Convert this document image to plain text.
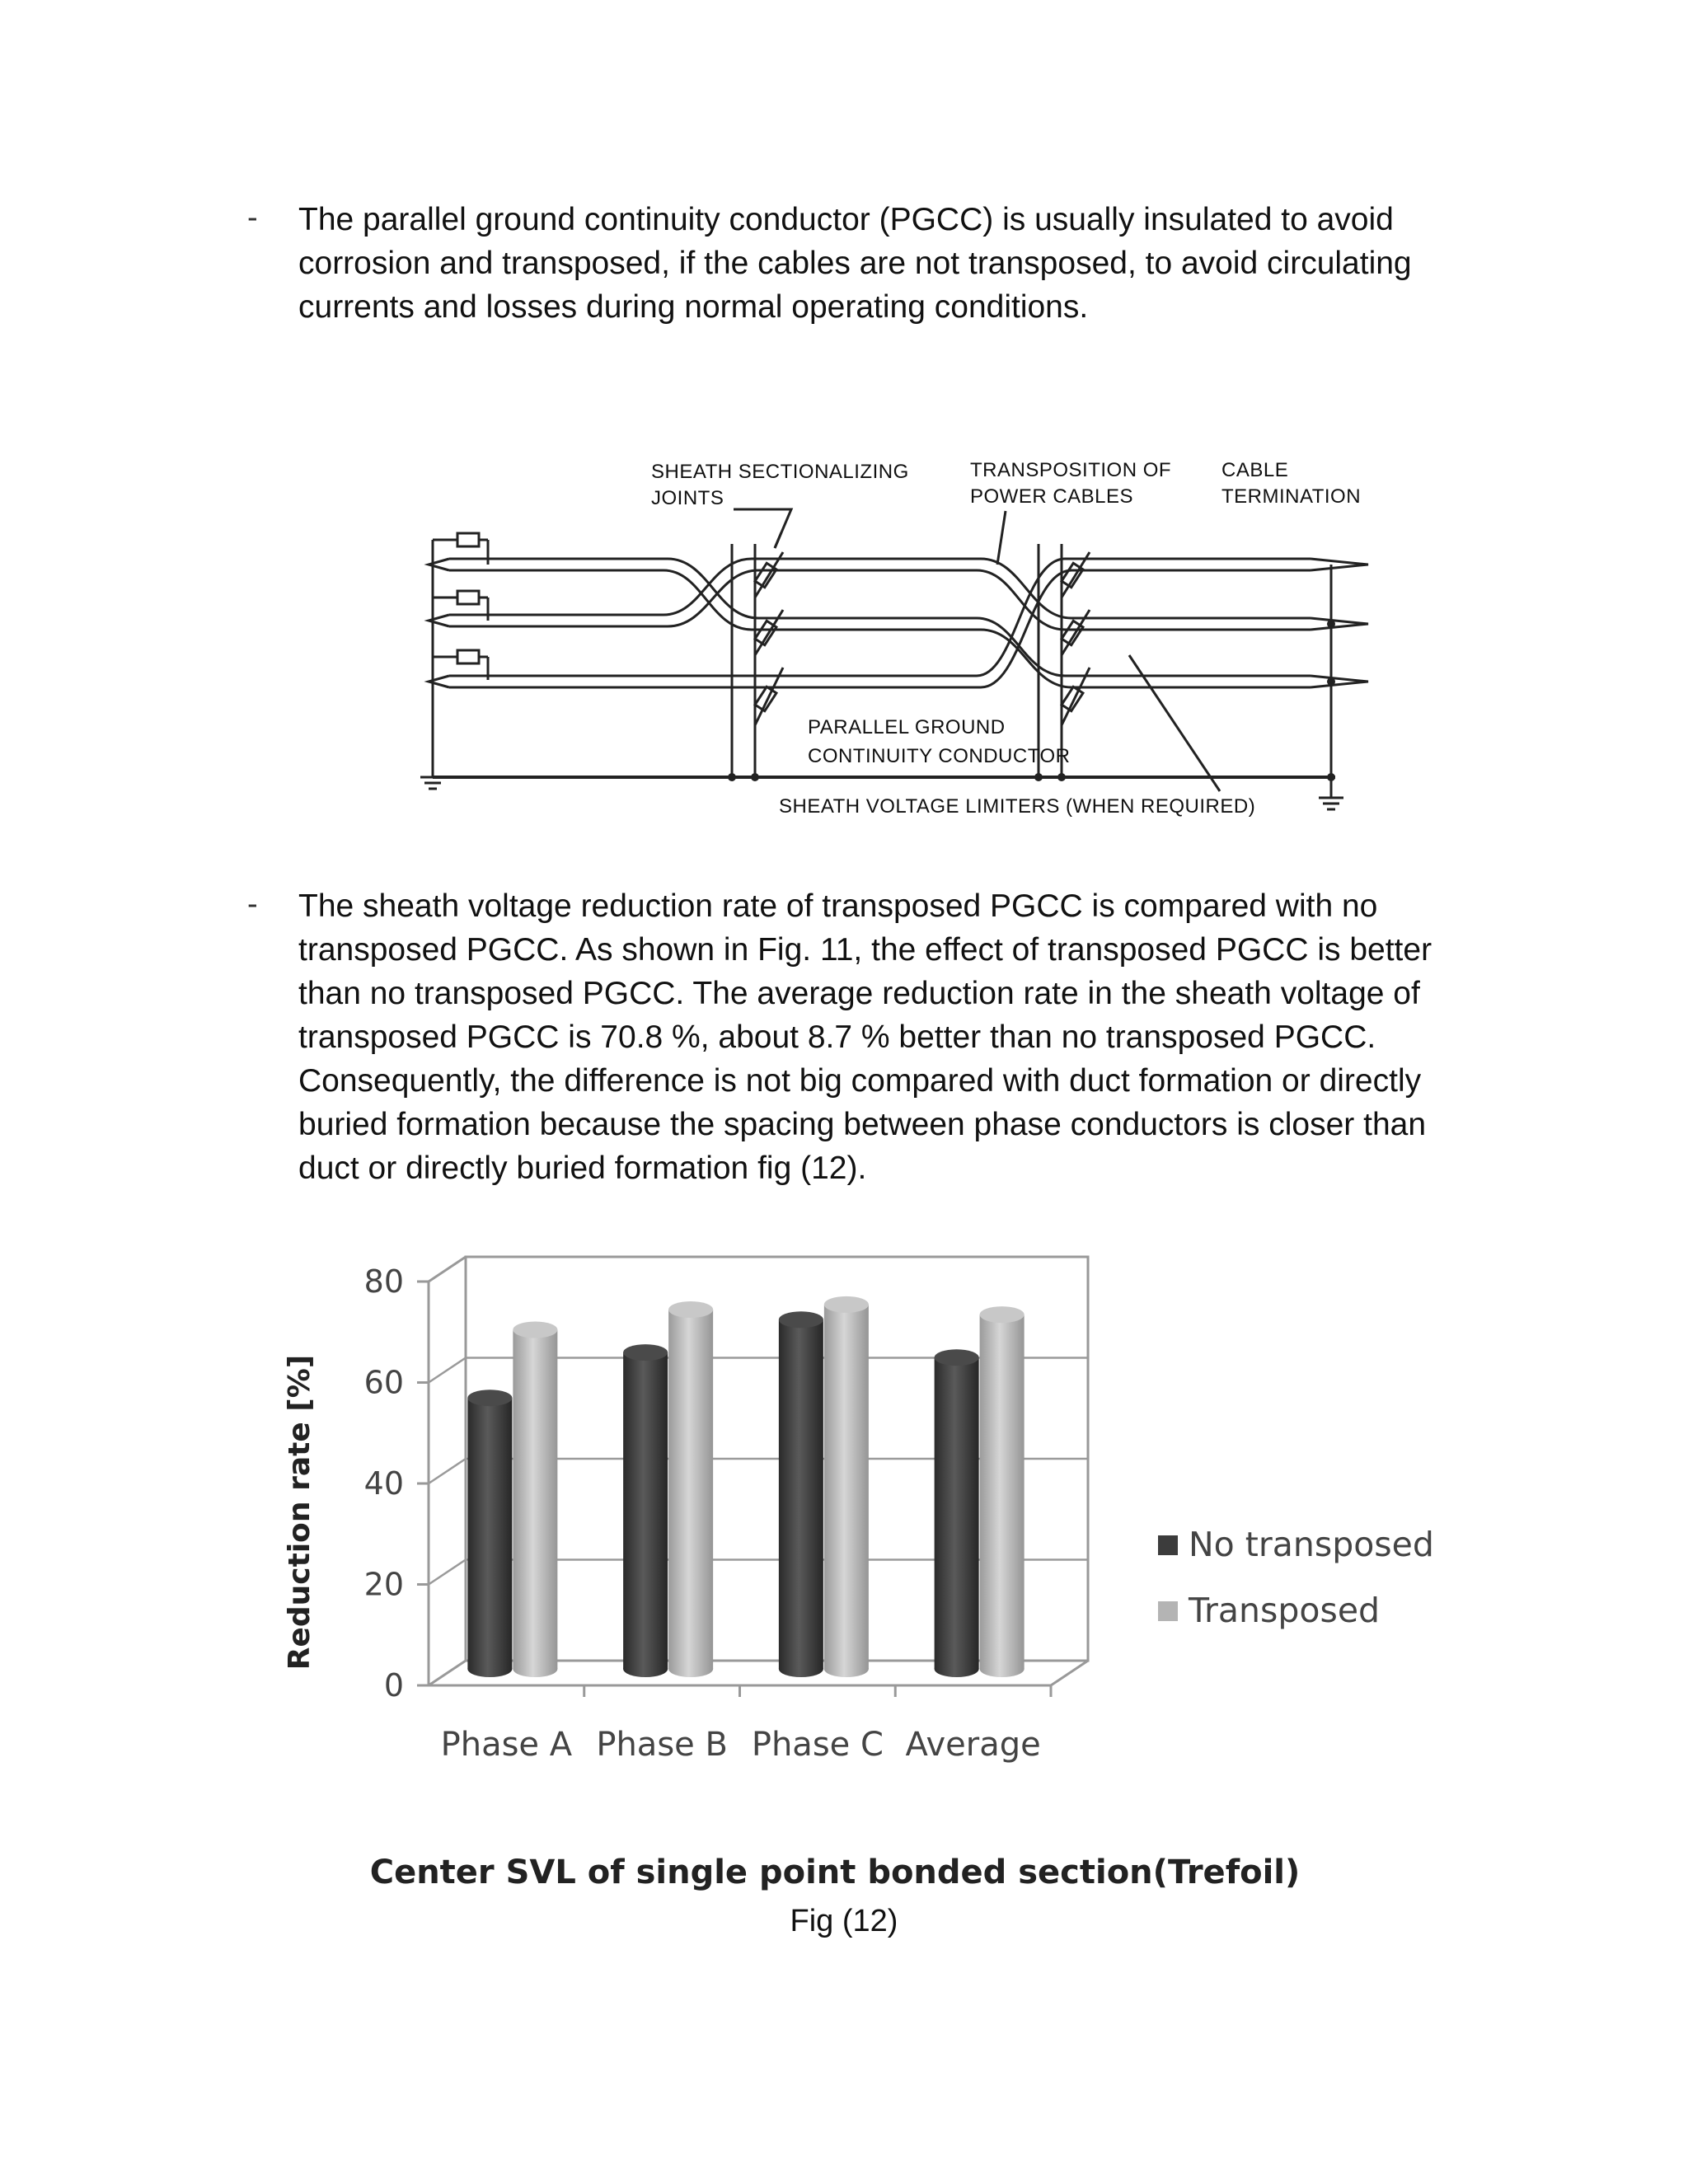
- The parallel ground continuity conductor (PGCC) is usually insulated to avoid
corrosion and transposed, if the cables are not transposed, to avoid circulating
currents and losses during normal operating conditions.

SHEATH SECTIONALIZING
JOINTS
TRANSPOSITION OF
POWER CABLES
CABLE
TERMINATION
PARALLEL GROUND
CONTINUITY CONDUCTOR
SHEATH VOLTAGE LIMITERS (WHEN REQUIRED)
- The sheath voltage reduction rate of transposed PGCC is compared with no
transposed PGCC. As shown in Fig. 11, the effect of transposed PGCC is better
than no transposed PGCC. The average reduction rate in the sheath voltage of
transposed PGCC is 70.8 %, about 8.7 % better than no transposed PGCC.
Consequently, the difference is not big compared with duct formation or directly
buried formation because the spacing between phase conductors is closer than
duct or directly buried formation fig (12).

0
20
40
60
80
Phase A Phase B Phase C Average
Reduction rate [%]	No transposed
Transposed
Center SVL of single point bonded section(Trefoil)
Fig (12)
